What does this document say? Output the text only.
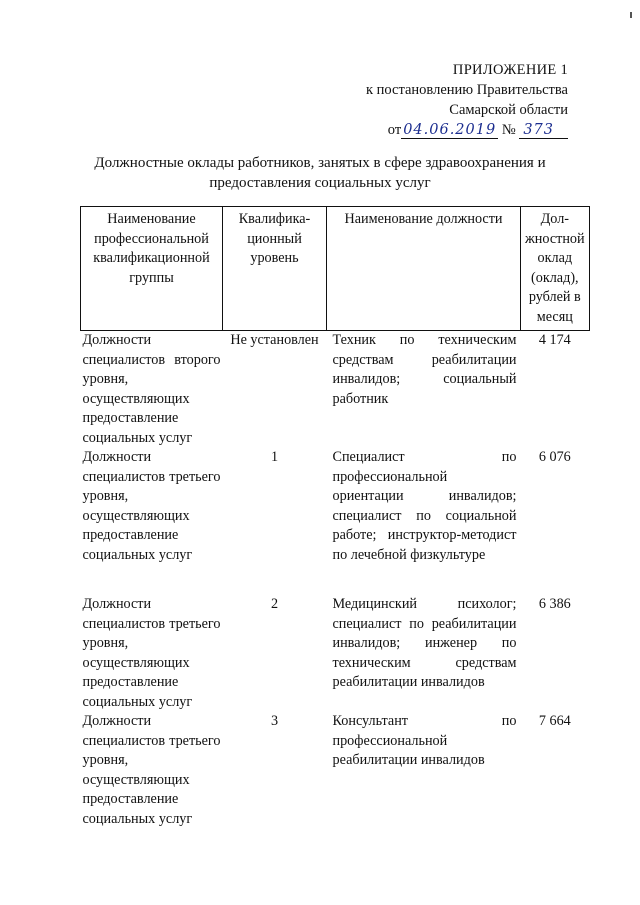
ПРИЛОЖЕНИЕ 1
к постановлению Правительства
Самарской области
от 04.06.2019 № 373
Должностные оклады работников, занятых в сфере здравоохранения и предоставления социальных услуг
Наименование профессиональной квалификационной группы	Квалифика-ционный уровень	Наименование должности	Дол-жностной оклад (оклад), рублей в месяц
Должности специалистов второго уровня, осуществляющих предоставление социальных услуг	Не установлен	Техник по техническим средствам реабилитации инвалидов; социальный работник	4 174
Должности специалистов третьего уровня, осуществляющих предоставление социальных услуг	1	Специалист по профессиональной ориентации инвалидов; специалист по социальной работе; инструктор-методист по лечебной физкультуре	6 076
Должности специалистов третьего уровня, осуществляющих предоставление социальных услуг	2	Медицинский психолог; специалист по реабилитации инвалидов; инженер по техническим средствам реабилитации инвалидов	6 386
Должности специалистов третьего уровня, осуществляющих предоставление социальных услуг	3	Консультант по профессиональной реабилитации инвалидов	7 664
